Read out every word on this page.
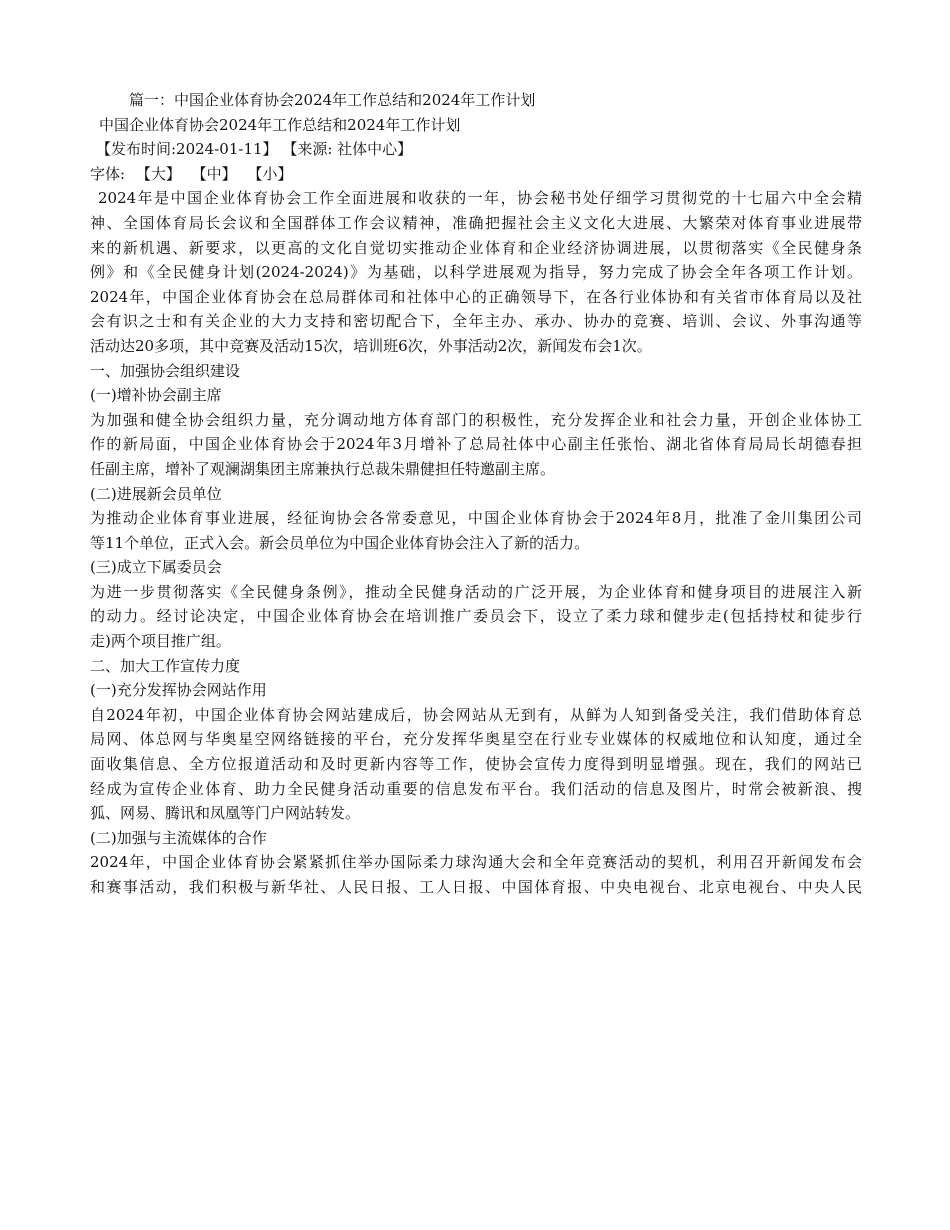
篇一：中国企业体育协会2024年工作总结和2024年工作计划
中国企业体育协会2024年工作总结和2024年工作计划
【发布时间:2024-01-11】 【来源: 社体中心】
字体: 【大】 【中】 【小】
2024年是中国企业体育协会工作全面进展和收获的一年，协会秘书处仔细学习贯彻党的十七届六中全会精
神、全国体育局长会议和全国群体工作会议精神，准确把握社会主义文化大进展、大繁荣对体育事业进展带
来的新机遇、新要求，以更高的文化自觉切实推动企业体育和企业经济协调进展，以贯彻落实《全民健身条
例》和《全民健身计划(2024-2024)》为基础，以科学进展观为指导，努力完成了协会全年各项工作计划。
2024年，中国企业体育协会在总局群体司和社体中心的正确领导下，在各行业体协和有关省市体育局以及社
会有识之士和有关企业的大力支持和密切配合下，全年主办、承办、协办的竞赛、培训、会议、外事沟通等
活动达20多项，其中竞赛及活动15次，培训班6次，外事活动2次，新闻发布会1次。
一、加强协会组织建设
(一)增补协会副主席
为加强和健全协会组织力量，充分调动地方体育部门的积极性，充分发挥企业和社会力量，开创企业体协工
作的新局面，中国企业体育协会于2024年3月增补了总局社体中心副主任张怡、湖北省体育局局长胡德春担
任副主席，增补了观澜湖集团主席兼执行总裁朱鼎健担任特邀副主席。
(二)进展新会员单位
为推动企业体育事业进展，经征询协会各常委意见，中国企业体育协会于2024年8月，批准了金川集团公司
等11个单位，正式入会。新会员单位为中国企业体育协会注入了新的活力。
(三)成立下属委员会
为进一步贯彻落实《全民健身条例》，推动全民健身活动的广泛开展，为企业体育和健身项目的进展注入新
的动力。经讨论决定，中国企业体育协会在培训推广委员会下，设立了柔力球和健步走(包括持杖和徒步行
走)两个项目推广组。
二、加大工作宣传力度
(一)充分发挥协会网站作用
自2024年初，中国企业体育协会网站建成后，协会网站从无到有，从鲜为人知到备受关注，我们借助体育总
局网、体总网与华奥星空网络链接的平台，充分发挥华奥星空在行业专业媒体的权威地位和认知度，通过全
面收集信息、全方位报道活动和及时更新内容等工作，使协会宣传力度得到明显增强。现在，我们的网站已
经成为宣传企业体育、助力全民健身活动重要的信息发布平台。我们活动的信息及图片，时常会被新浪、搜
狐、网易、腾讯和凤凰等门户网站转发。
(二)加强与主流媒体的合作
2024年，中国企业体育协会紧紧抓住举办国际柔力球沟通大会和全年竞赛活动的契机，利用召开新闻发布会
和赛事活动，我们积极与新华社、人民日报、工人日报、中国体育报、中央电视台、北京电视台、中央人民
